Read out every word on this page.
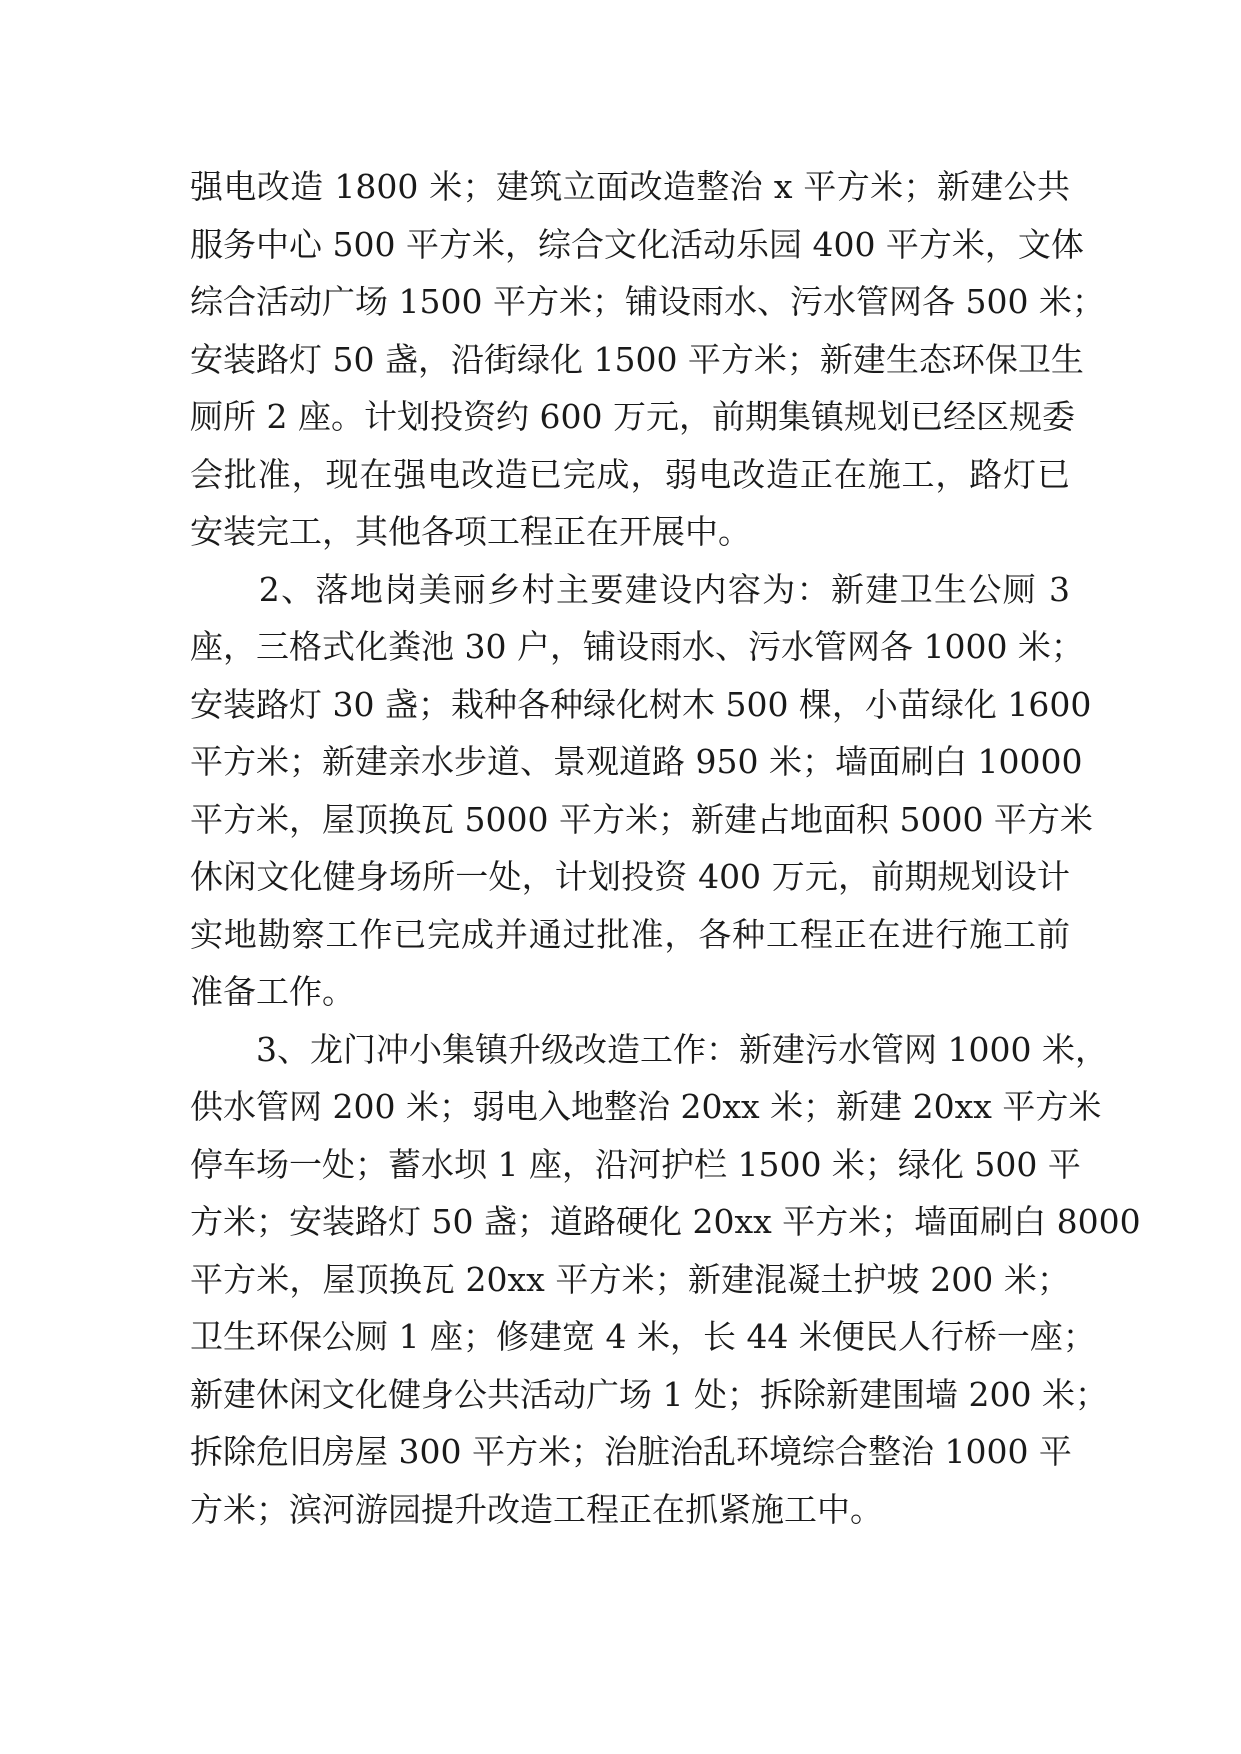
强电改造 1800 米；建筑立面改造整治 x 平方米；新建公共
服务中心 500 平方米，综合文化活动乐园 400 平方米，文体
综合活动广场 1500 平方米；铺设雨水、污水管网各 500 米；
安装路灯 50 盏，沿街绿化 1500 平方米；新建生态环保卫生
厕所 2 座。计划投资约 600 万元，前期集镇规划已经区规委
会批准，现在强电改造已完成，弱电改造正在施工，路灯已
安装完工，其他各项工程正在开展中。
　　2、落地岗美丽乡村主要建设内容为：新建卫生公厕 3
座，三格式化粪池 30 户，铺设雨水、污水管网各 1000 米；
安装路灯 30 盏；栽种各种绿化树木 500 棵，小苗绿化 1600
平方米；新建亲水步道、景观道路 950 米；墙面刷白 10000
平方米，屋顶换瓦 5000 平方米；新建占地面积 5000 平方米
休闲文化健身场所一处，计划投资 400 万元，前期规划设计
实地勘察工作已完成并通过批准，各种工程正在进行施工前
准备工作。
　　3、龙门冲小集镇升级改造工作：新建污水管网 1000 米，
供水管网 200 米；弱电入地整治 20xx 米；新建 20xx 平方米
停车场一处；蓄水坝 1 座，沿河护栏 1500 米；绿化 500 平
方米；安装路灯 50 盏；道路硬化 20xx 平方米；墙面刷白 8000
平方米，屋顶换瓦 20xx 平方米；新建混凝土护坡 200 米；
卫生环保公厕 1 座；修建宽 4 米，长 44 米便民人行桥一座；
新建休闲文化健身公共活动广场 1 处；拆除新建围墙 200 米；
拆除危旧房屋 300 平方米；治脏治乱环境综合整治 1000 平
方米；滨河游园提升改造工程正在抓紧施工中。
